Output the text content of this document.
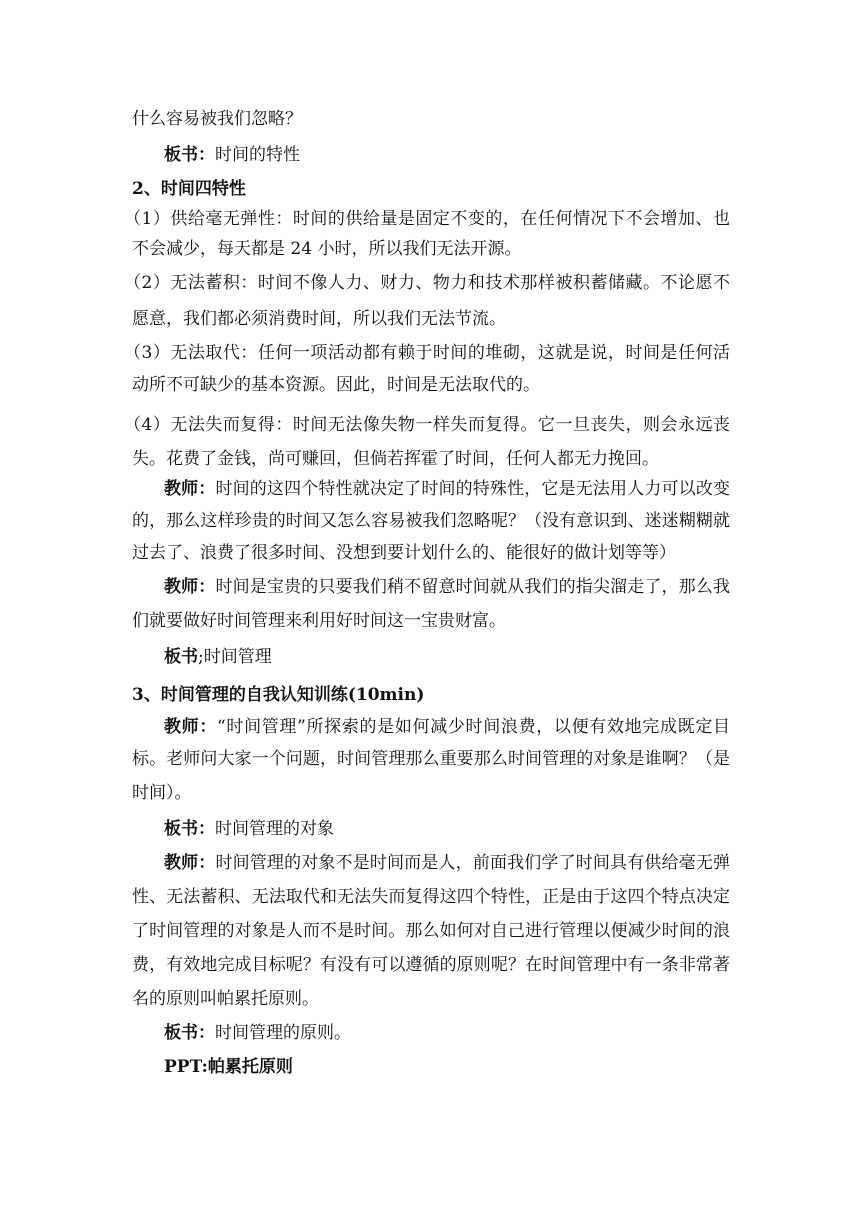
什么容易被我们忽略？
板书：时间的特性
2、时间四特性
（1）供给毫无弹性：时间的供给量是固定不变的，在任何情况下不会增加、也
不会减少，每天都是 24 小时，所以我们无法开源。
（2）无法蓄积：时间不像人力、财力、物力和技术那样被积蓄储藏。不论愿不
愿意，我们都必须消费时间，所以我们无法节流。
（3）无法取代：任何一项活动都有赖于时间的堆砌，这就是说，时间是任何活
动所不可缺少的基本资源。因此，时间是无法取代的。
（4）无法失而复得：时间无法像失物一样失而复得。它一旦丧失，则会永远丧
失。花费了金钱，尚可赚回，但倘若挥霍了时间，任何人都无力挽回。
教师：时间的这四个特性就决定了时间的特殊性，它是无法用人力可以改变
的，那么这样珍贵的时间又怎么容易被我们忽略呢？（没有意识到、迷迷糊糊就
过去了、浪费了很多时间、没想到要计划什么的、能很好的做计划等等）
教师：时间是宝贵的只要我们稍不留意时间就从我们的指尖溜走了，那么我
们就要做好时间管理来利用好时间这一宝贵财富。
板书;时间管理
3、时间管理的自我认知训练(10min)
教师：“时间管理”所探索的是如何减少时间浪费，以便有效地完成既定目
标。老师问大家一个问题，时间管理那么重要那么时间管理的对象是谁啊？（是
时间）。
板书：时间管理的对象
教师：时间管理的对象不是时间而是人，前面我们学了时间具有供给毫无弹
性、无法蓄积、无法取代和无法失而复得这四个特性，正是由于这四个特点决定
了时间管理的对象是人而不是时间。那么如何对自己进行管理以便减少时间的浪
费，有效地完成目标呢？有没有可以遵循的原则呢？在时间管理中有一条非常著
名的原则叫帕累托原则。
板书：时间管理的原则。
PPT:帕累托原则
